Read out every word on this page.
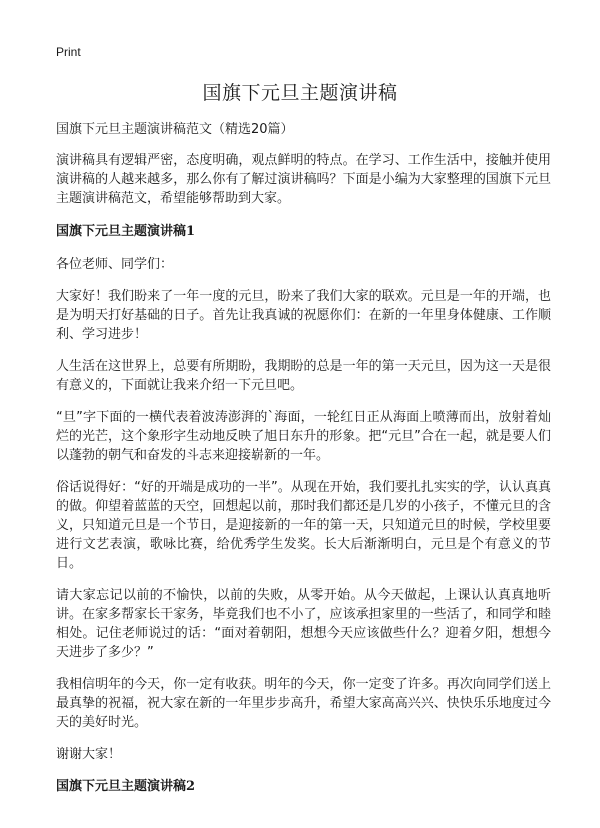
Print
国旗下元旦主题演讲稿

国旗下元旦主题演讲稿范文（精选20篇）

演讲稿具有逻辑严密，态度明确，观点鲜明的特点。在学习、工作生活中，接触并使用演讲稿的人越来越多，那么你有了解过演讲稿吗？下面是小编为大家整理的国旗下元旦主题演讲稿范文，希望能够帮助到大家。

国旗下元旦主题演讲稿1

各位老师、同学们：

大家好！我们盼来了一年一度的元旦，盼来了我们大家的联欢。元旦是一年的开端，也是为明天打好基础的日子。首先让我真诚的祝愿你们：在新的一年里身体健康、工作顺利、学习进步！

人生活在这世界上，总要有所期盼，我期盼的总是一年的第一天元旦，因为这一天是很有意义的，下面就让我来介绍一下元旦吧。

“旦”字下面的一横代表着波涛澎湃的`海面，一轮红日正从海面上喷薄而出，放射着灿烂的光芒，这个象形字生动地反映了旭日东升的形象。把“元旦”合在一起，就是要人们以蓬勃的朝气和奋发的斗志来迎接崭新的一年。

俗话说得好：“好的开端是成功的一半”。从现在开始，我们要扎扎实实的学，认认真真的做。仰望着蓝蓝的天空，回想起以前，那时我们都还是几岁的小孩子，不懂元旦的含义，只知道元旦是一个节日，是迎接新的一年的第一天，只知道元旦的时候，学校里要进行文艺表演，歌咏比赛，给优秀学生发奖。长大后渐渐明白，元旦是个有意义的节日。

请大家忘记以前的不愉快，以前的失败，从零开始。从今天做起，上课认认真真地听讲。在家多帮家长干家务，毕竟我们也不小了，应该承担家里的一些活了，和同学和睦相处。记住老师说过的话：“面对着朝阳，想想今天应该做些什么？迎着夕阳，想想今天进步了多少？”

我相信明年的今天，你一定有收获。明年的今天，你一定变了许多。再次向同学们送上最真挚的祝福，祝大家在新的一年里步步高升，希望大家高高兴兴、快快乐乐地度过今天的美好时光。

谢谢大家！

国旗下元旦主题演讲稿2
